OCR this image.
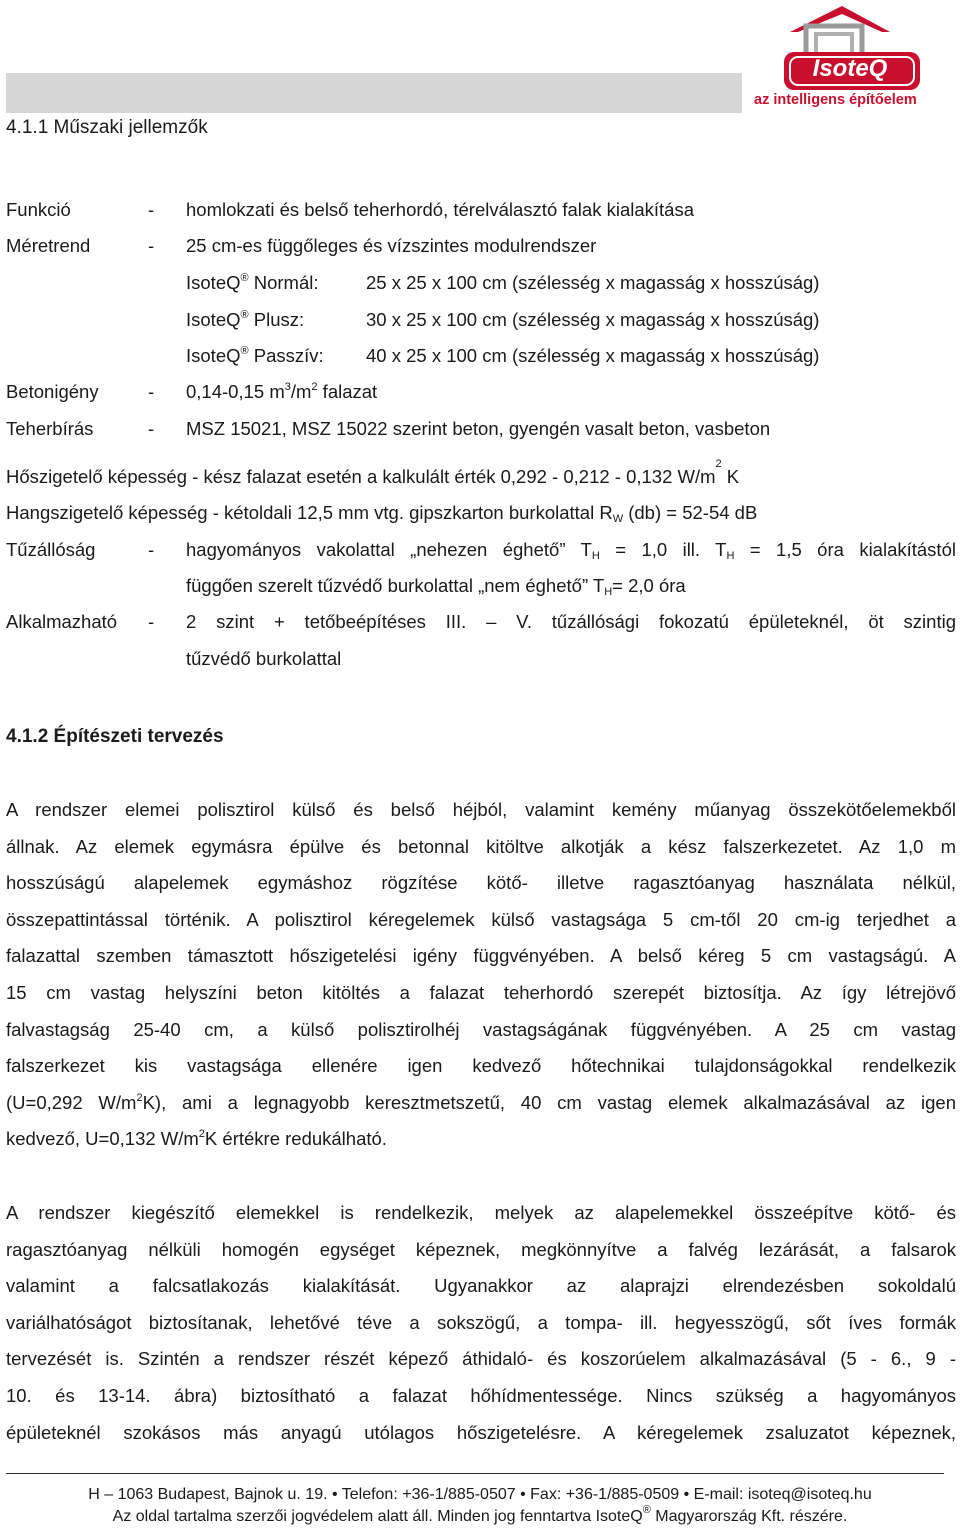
az intelligens építőelem
IsoteQ
4.1.1 Műszaki jellemzők
Funkció	- homlokzati és belső teherhordó, térelválasztó falak kialakítása
Méretrend	- 25 cm-es függőleges és vízszintes modulrendszer
IsoteQ® Normál:	25 x 25 x 100 cm (szélesség x magasság x hosszúság)
IsoteQ® Plusz:	30 x 25 x 100 cm (szélesség x magasság x hosszúság)
IsoteQ® Passzív: 40 x 25 x 100 cm (szélesség x magasság x hosszúság)
Betonigény	- 0,14-0,15 $m^3/m^2$ falazat
Teherbírás	- MSZ 15021, MSZ 15022 szerint beton, gyengén vasalt beton, vasbeton
Hőszigetelő képesség - kész falazat esetén a kalkulált érték 0,292 - 0,212 - 0,132 $W/m^2$ K
Hangszigetelő képesség - kétoldali 12,5 mm vtg. gipszkarton burkolattal $R_W$ (db) = 52-54 dB
Tűzállóság	- hagyományos vakolattal „nehezen éghető” $T_H = 1,0$ ill. $T_H = 1,5$ óra kialakítástól
függően szerelt tűzvédő burkolattal „nem éghető” $T_H= 2,0$ óra
Alkalmazható - 2 szint + tetőbeépítéses III. – V. tűzállósági fokozatú épületeknél, öt szintig
tűzvédő burkolattal
4.1.2 Építészeti tervezés
A rendszer elemei polisztirol külső és belső héjból, valamint kemény műanyag összekötőelemekből
állnak. Az elemek egymásra épülve és betonnal kitöltve alkotják a kész falszerkezetet. Az 1,0 m
hosszúságú alapelemek egymáshoz rögzítése kötő- illetve ragasztóanyag használata nélkül,
összepattintással történik. A polisztirol kéregelemek külső vastagsága 5 cm-től 20 cm-ig terjedhet a
falazattal szemben támasztott hőszigetelési igény függvényében. A belső kéreg 5 cm vastagságú. A
15 cm vastag helyszíni beton kitöltés a falazat teherhordó szerepét biztosítja. Az így létrejövő
falvastagság 25-40 cm, a külső polisztirolhéj vastagságának függvényében. A 25 cm vastag
falszerkezet kis vastagsága ellenére igen kedvező hőtechnikai tulajdonságokkal rendelkezik
(U=0,292 $W/m^2K$), ami a legnagyobb keresztmetszetű, 40 cm vastag elemek alkalmazásával az igen
kedvező, U=0,132 $W/m^2K$ értékre redukálható.
A rendszer kiegészítő elemekkel is rendelkezik, melyek az alapelemekkel összeépítve kötő- és
ragasztóanyag nélküli homogén egységet képeznek, megkönnyítve a falvég lezárását, a falsarok
valamint a falcsatlakozás kialakítását. Ugyanakkor az alaprajzi elrendezésben sokoldalú
variálhatóságot biztosítanak, lehetővé téve a sokszögű, a tompa- ill. hegyesszögű, sőt íves formák
tervezését is. Szintén a rendszer részét képező áthidaló- és koszorúelem alkalmazásával (5 - 6., 9 -
10. és 13-14. ábra) biztosítható a falazat hőhídmentessége. Nincs szükség a hagyományos
épületeknél szokásos más anyagú utólagos hőszigetelésre. A kéregelemek zsaluzatot képeznek,
H – 1063 Budapest, Bajnok u. 19. • Telefon: +36-1/885-0507 • Fax: +36-1/885-0509 • E-mail: isoteq@isoteq.hu
Az oldal tartalma szerzői jogvédelem alatt áll. Minden jog fenntartva IsoteQ® Magyarország Kft. részére.
